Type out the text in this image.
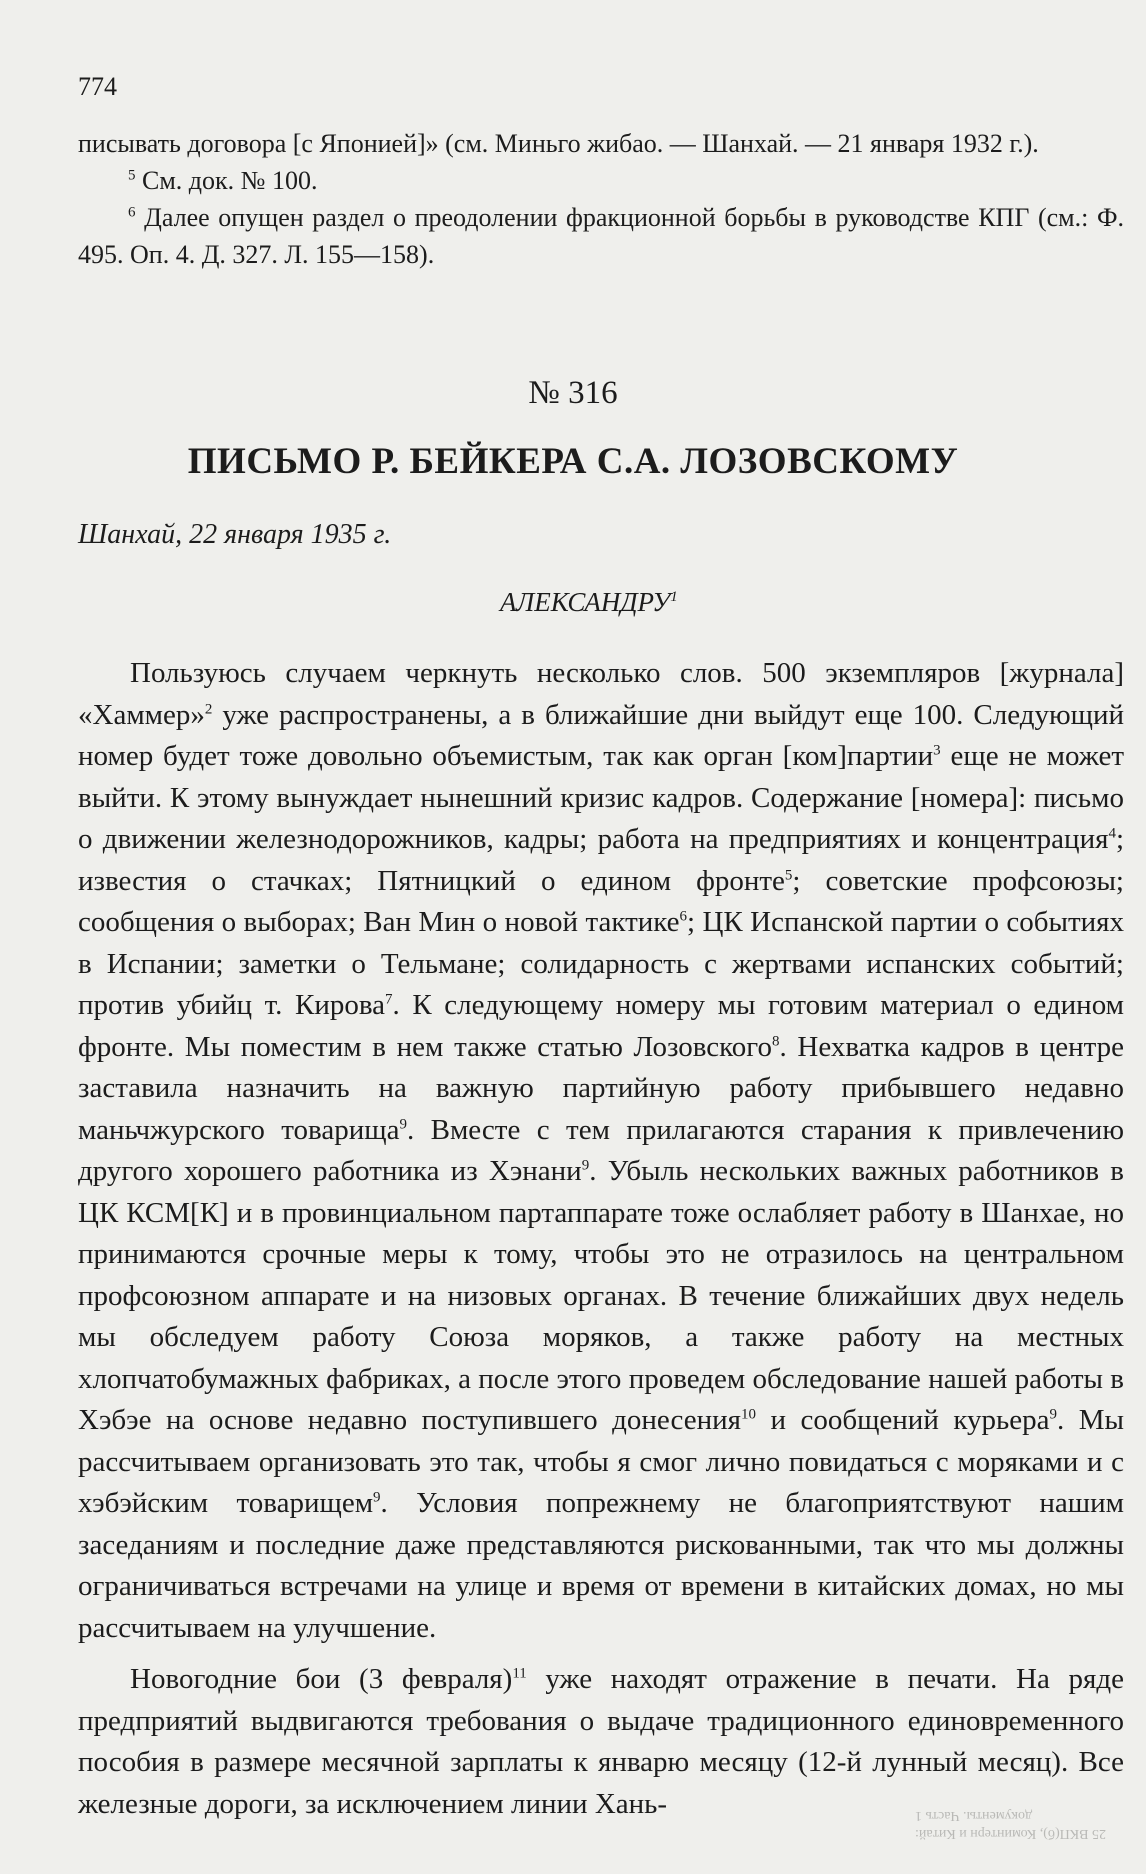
774
писывать договора [с Японией]» (см. Миньго жибао. — Шанхай. — 21 января 1932 г.).
$^5$ См. док. № 100.
$^6$ Далее опущен раздел о преодолении фракционной борьбы в руководстве КПГ (см.: Ф. 495. Оп. 4. Д. 327. Л. 155—158).
№ 316
ПИСЬМО Р. БЕЙКЕРА С.А. ЛОЗОВСКОМУ
Шанхай, 22 января 1935 г.
АЛЕКСАНДРУ$^1$

Пользуюсь случаем черкнуть несколько слов. 500 экземпляров [журнала] «Хаммер»$^2$ уже распространены, а в ближайшие дни выйдут еще 100. Следующий номер будет тоже довольно объемистым, так как орган [ком]партии$^3$ еще не может выйти. К этому вынуждает нынешний кризис кадров. Содержание [номера]: письмо о движении железнодорожников, кадры; работа на предприятиях и концентрация$^4$; известия о стачках; Пятницкий о едином фронте$^5$; советские профсоюзы; сообщения о выборах; Ван Мин о новой тактике$^6$; ЦК Испанской партии о событиях в Испании; заметки о Тельмане; солидарность с жертвами испанских событий; против убийц т. Кирова$^7$. К следующему номеру мы готовим материал о едином фронте. Мы поместим в нем также статью Лозовского$^8$. Нехватка кадров в центре заставила назначить на важную партийную работу прибывшего недавно маньчжурского товарища$^9$. Вместе с тем прилагаются старания к привлечению другого хорошего работника из Хэнани$^9$. Убыль нескольких важных работников в ЦК КСМ[К] и в провинциальном партаппарате тоже ослабляет работу в Шанхае, но принимаются срочные меры к тому, чтобы это не отразилось на центральном профсоюзном аппарате и на низовых органах. В течение ближайших двух недель мы обследуем работу Союза моряков, а также работу на местных хлопчатобумажных фабриках, а после этого проведем обследование нашей работы в Хэбэе на основе недавно поступившего донесения$^{10}$ и сообщений курьера$^9$. Мы рассчитываем организовать это так, чтобы я смог лично повидаться с моряками и с хэбэйским товарищем$^9$. Условия попрежнему не благоприятствуют нашим заседаниям и последние даже представляются рискованными, так что мы должны ограничиваться встречами на улице и время от времени в китайских домах, но мы рассчитываем на улучшение.

Новогодние бои (3 февраля)$^{11}$ уже находят отражение в печати. На ряде предприятий выдвигаются требования о выдаче традиционного единовременного пособия в размере месячной зарплаты к январю месяцу (12-й лунный месяц). Все железные дороги, за исключением линии Хань-

25 ВКП(б), Коминтерн и Китай:
документы. Часть 1
